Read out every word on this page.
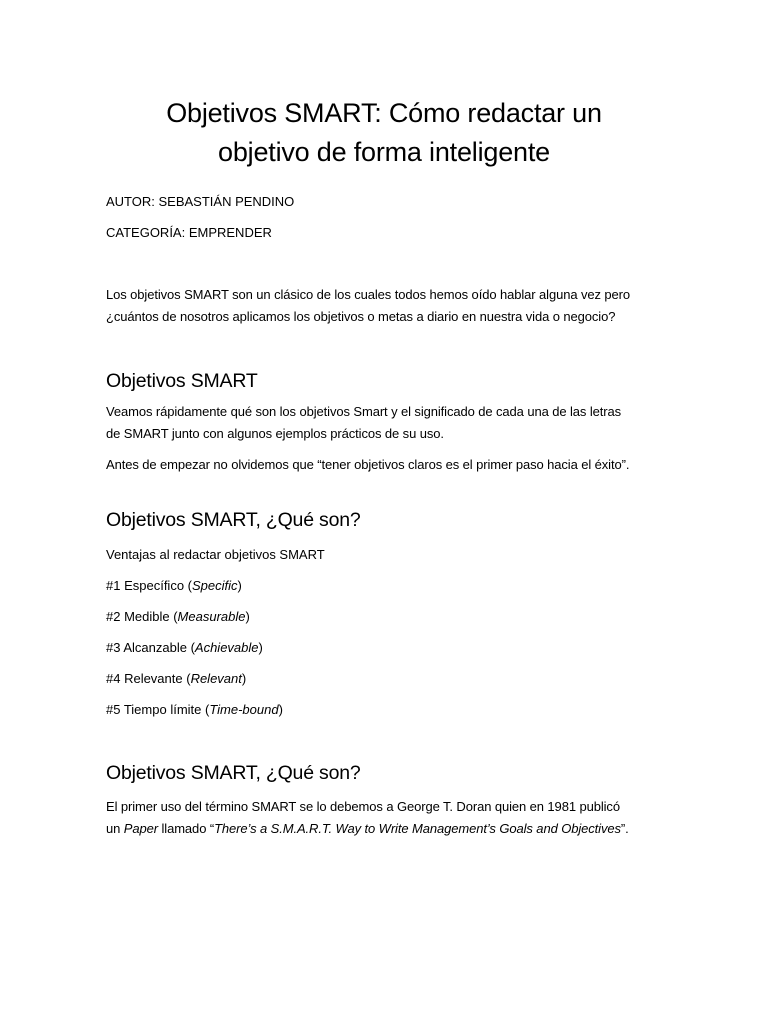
Objetivos SMART: Cómo redactar un
objetivo de forma inteligente

AUTOR: SEBASTIÁN PENDINO

CATEGORÍA: EMPRENDER

Los objetivos SMART son un clásico de los cuales todos hemos oído hablar alguna vez pero
¿cuántos de nosotros aplicamos los objetivos o metas a diario en nuestra vida o negocio?
Objetivos SMART
Veamos rápidamente qué son los objetivos Smart y el significado de cada una de las letras
de SMART junto con algunos ejemplos prácticos de su uso.
Antes de empezar no olvidemos que “tener objetivos claros es el primer paso hacia el éxito”.
Objetivos SMART, ¿Qué son?

Ventajas al redactar objetivos SMART

#1 Específico (Specific)

#2 Medible (Measurable)

#3 Alcanzable (Achievable)

#4 Relevante (Relevant)

#5 Tiempo límite (Time-bound)

Objetivos SMART, ¿Qué son?
El primer uso del término SMART se lo debemos a George T. Doran quien en 1981 publicó
un Paper llamado “There’s a S.M.A.R.T. Way to Write Management’s Goals and Objectives”.
